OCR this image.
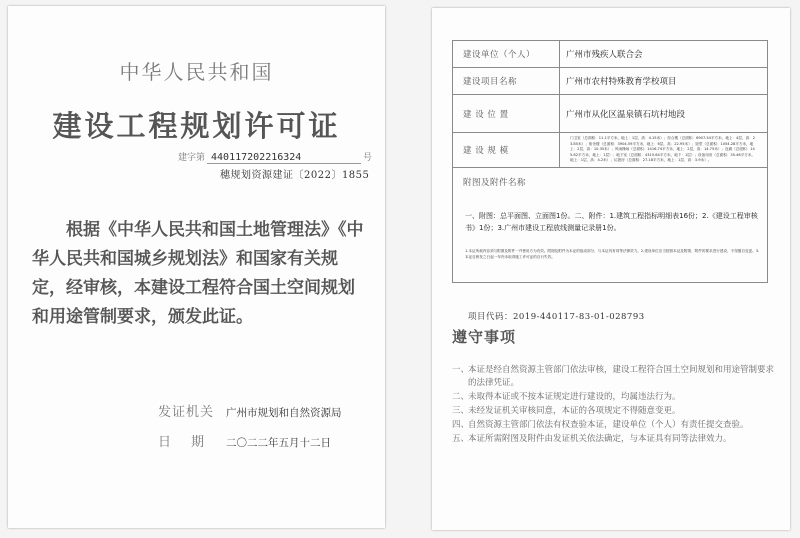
中华人民共和国
建设工程规划许可证
建字第 440117202216324	号
穗规划资源建证〔2022〕1855
根据《中华人民共和国土地管理法》《中华人民共和国城乡规划法》和国家有关规定，经审核，本建设工程符合国土空间规划和用途管制要求，颁发此证。
发证机关 广州市规划和自然资源局
日期 二〇二二年五月十二日
建设单位（个人）	广州市残疾人联合会
建设项目名称	广州市农村特殊教育学校项目
建 设 位 置	广州市从化区温泉镇石坑村地段
建 设 规 模	门卫室（总面积：11.1平方米，地上：1层，高：4.15米）；综合楼（总面积：6907.54平方米，地上：4层，高：23.85米）；宿舍楼（总面积：3904.59平方米，地上：6层，高：22.95米）；饭堂（总面积：1054.28平方米，地上：2层，高：10.35米）；风雨操场（总面积：1416.74平方米，地上：2层，高：14.75米）；连廊（总面积：145.82平方米，地上：1层）；地下室（总面积：4315.64平方米，地下：1层）；设备用房（总面积：35.46平方米，地上：1层，高：4.2米）；垃圾房（总面积：27.18平方米，地上：1层，高：3.9米）。

附图及附件名称
一、附图：总平面图、立面图1份。二、附件：1.建筑工程指标明细表16份；2.《建设工程审核书》1份；3.广州市建设工程放线测量记录册1份。
1.本证所载内容须与附图及附件一并使用方为有效。附图及附件为本证的组成部分，与本证具有同等法律效力。2.建设单位应当按照本证及附图、附件的要求进行建设，不得擅自变更。3.本证自核发之日起一年内未取得施工许可证的自行失效。	
项目代码：2019-440117-83-01-028793
遵守事项
一、
本证是经自然资源主管部门依法审核，建设工程符合国土空间规划和用途管制要求的法律凭证。
二、
未取得本证或不按本证规定进行建设的，均属违法行为。
三、
未经发证机关审核同意，本证的各项规定不得随意变更。
四、
自然资源主管部门依法有权查验本证，建设单位（个人）有责任提交查验。
五、
本证所需附图及附件由发证机关依法确定，与本证具有同等法律效力。
